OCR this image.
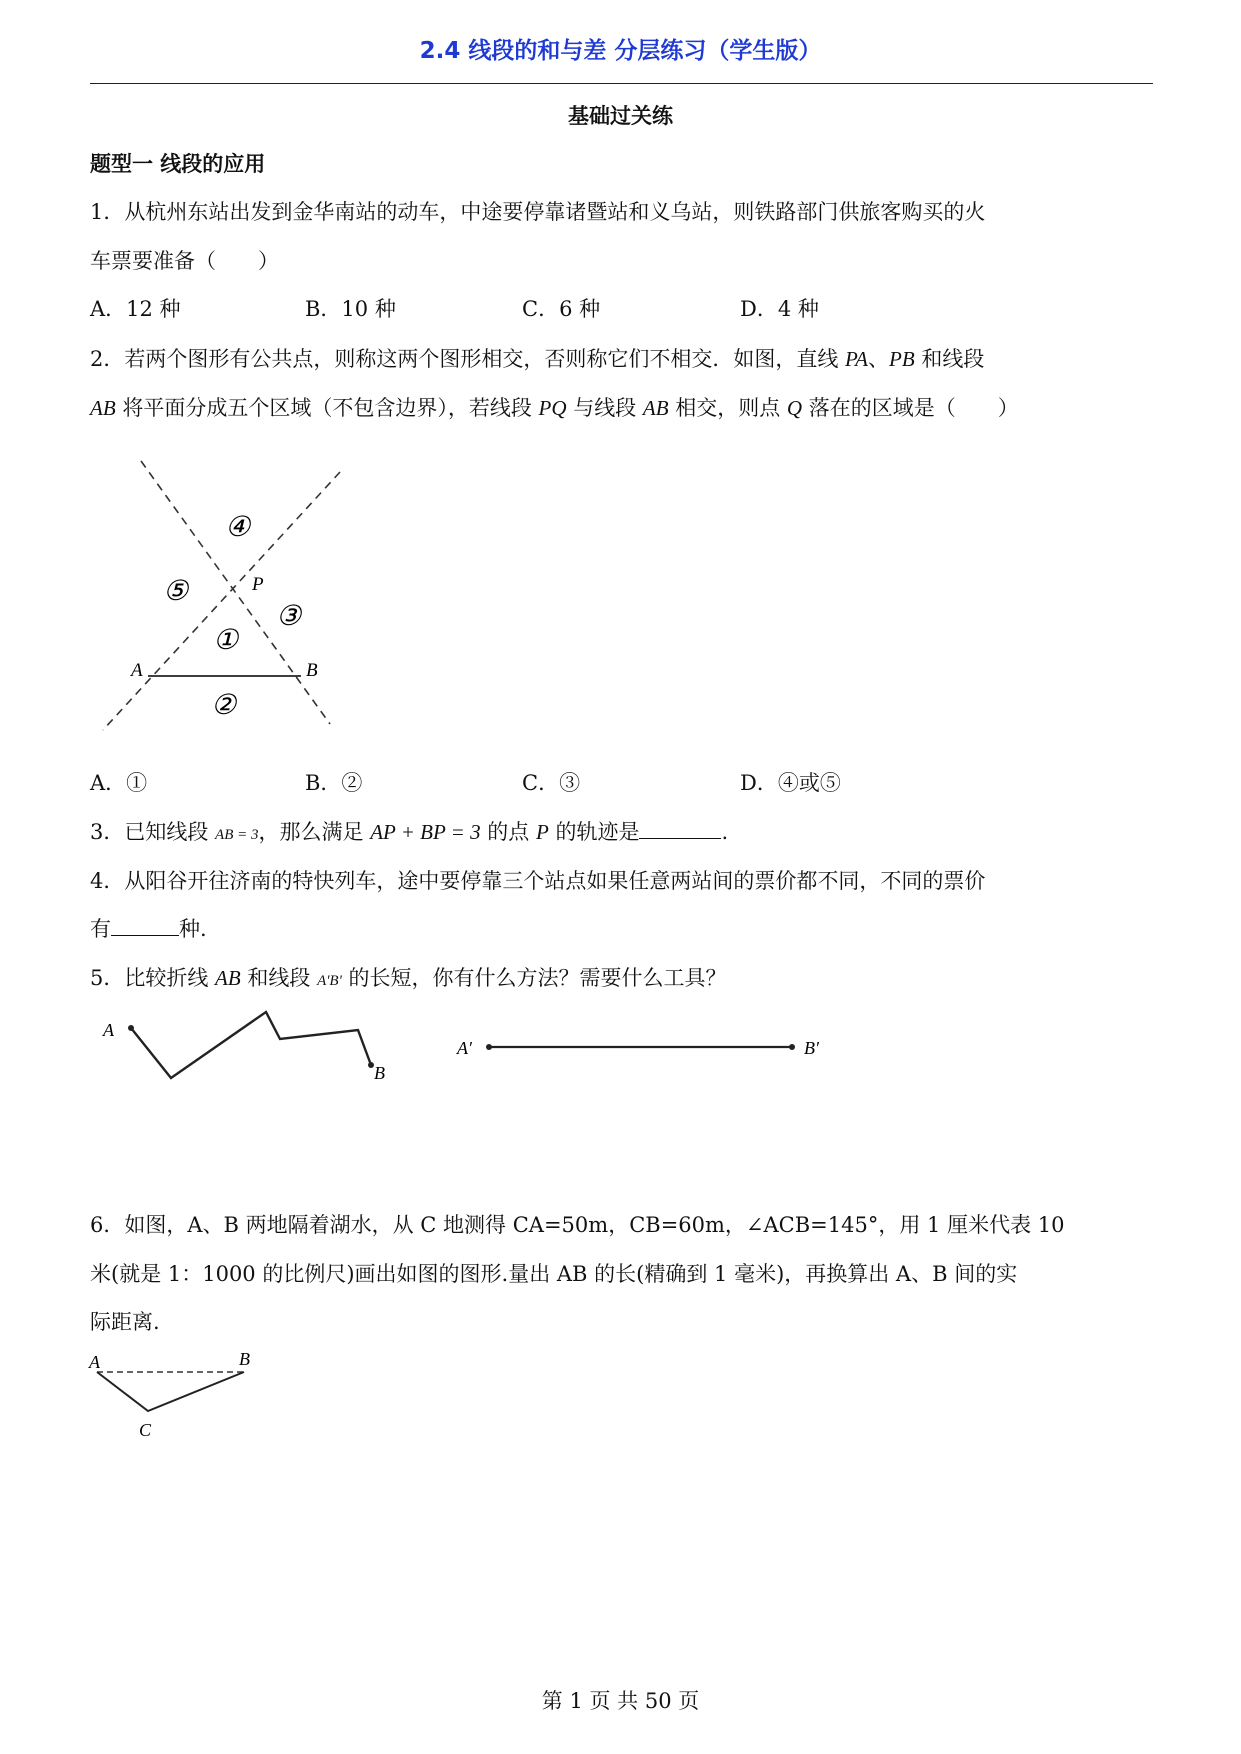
2.4 线段的和与差 分层练习（学生版）
基础过关练
题型一 线段的应用
1．从杭州东站出发到金华南站的动车，中途要停靠诸暨站和义乌站，则铁路部门供旅客购买的火
车票要准备（　　）
A．12 种	B．10 种	C．6 种	D．4 种
2．若两个图形有公共点，则称这两个图形相交，否则称它们不相交．如图，直线 PA、PB 和线段
AB 将平面分成五个区域（不包含边界），若线段 PQ 与线段 AB 相交，则点 Q 落在的区域是（　　）
A	B
P
①
②
③
④
⑤
A．①	B．②	C．③	D．④或⑤
3．已知线段 AB = 3，那么满足 AP + BP = 3 的点 P 的轨迹是	.
4．从阳谷开往济南的特快列车，途中要停靠三个站点如果任意两站间的票价都不同，不同的票价
有	种.
5．比较折线 AB 和线段 A'B' 的长短，你有什么方法？需要什么工具？
A
B
A′	B′
6．如图，A、B 两地隔着湖水，从 C 地测得 CA=50m，CB=60m，∠ACB=145°，用 1 厘米代表 10
米(就是 1：1000 的比例尺)画出如图的图形.量出 AB 的长(精确到 1 毫米)，再换算出 A、B 间的实
际距离.
A	B
C
第 1 页 共 50 页
